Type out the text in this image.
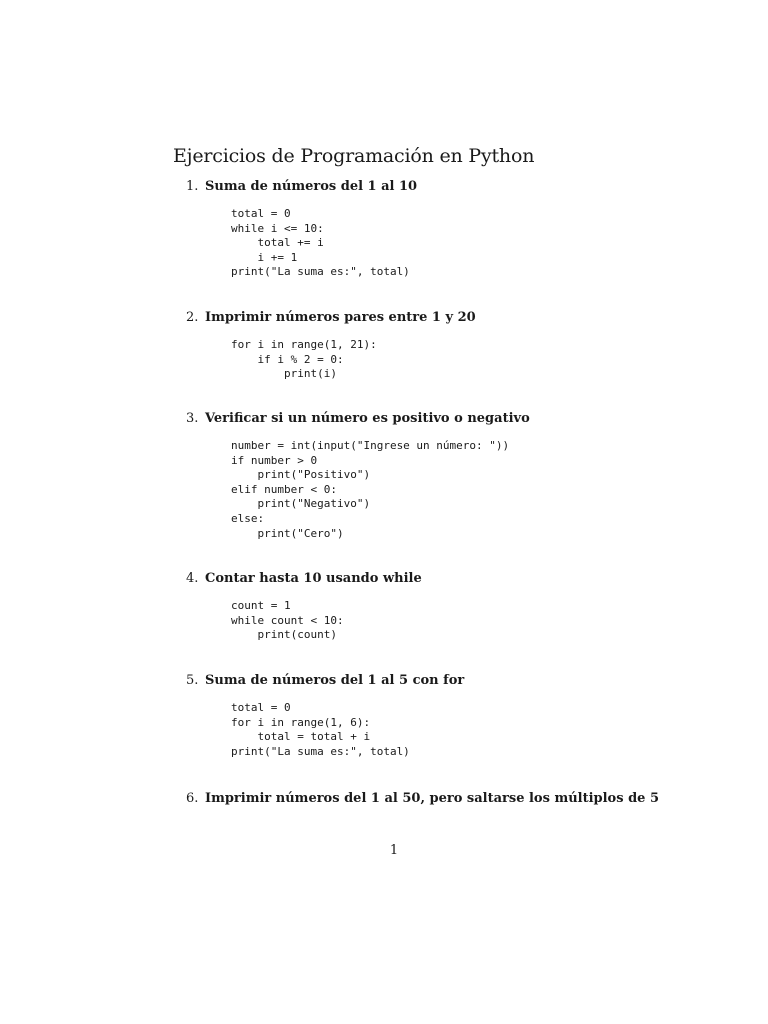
Ejercicios de Programación en Python
1. Suma de números del 1 al 10
total = 0
while i <= 10:
total += i
i += 1
print("La suma es:", total)
2. Imprimir números pares entre 1 y 20
for i in range(1, 21):
if i % 2 = 0:
print(i)
3. Verificar si un número es positivo o negativo
number = int(input("Ingrese un número: "))
if number > 0
print("Positivo")
elif number < 0:
print("Negativo")
else:
print("Cero")
4. Contar hasta 10 usando while
count = 1
while count < 10:
print(count)
5. Suma de números del 1 al 5 con for
total = 0
for i in range(1, 6):
total = total + i
print("La suma es:", total)
6. Imprimir números del 1 al 50, pero saltarse los múltiplos de 5
1
